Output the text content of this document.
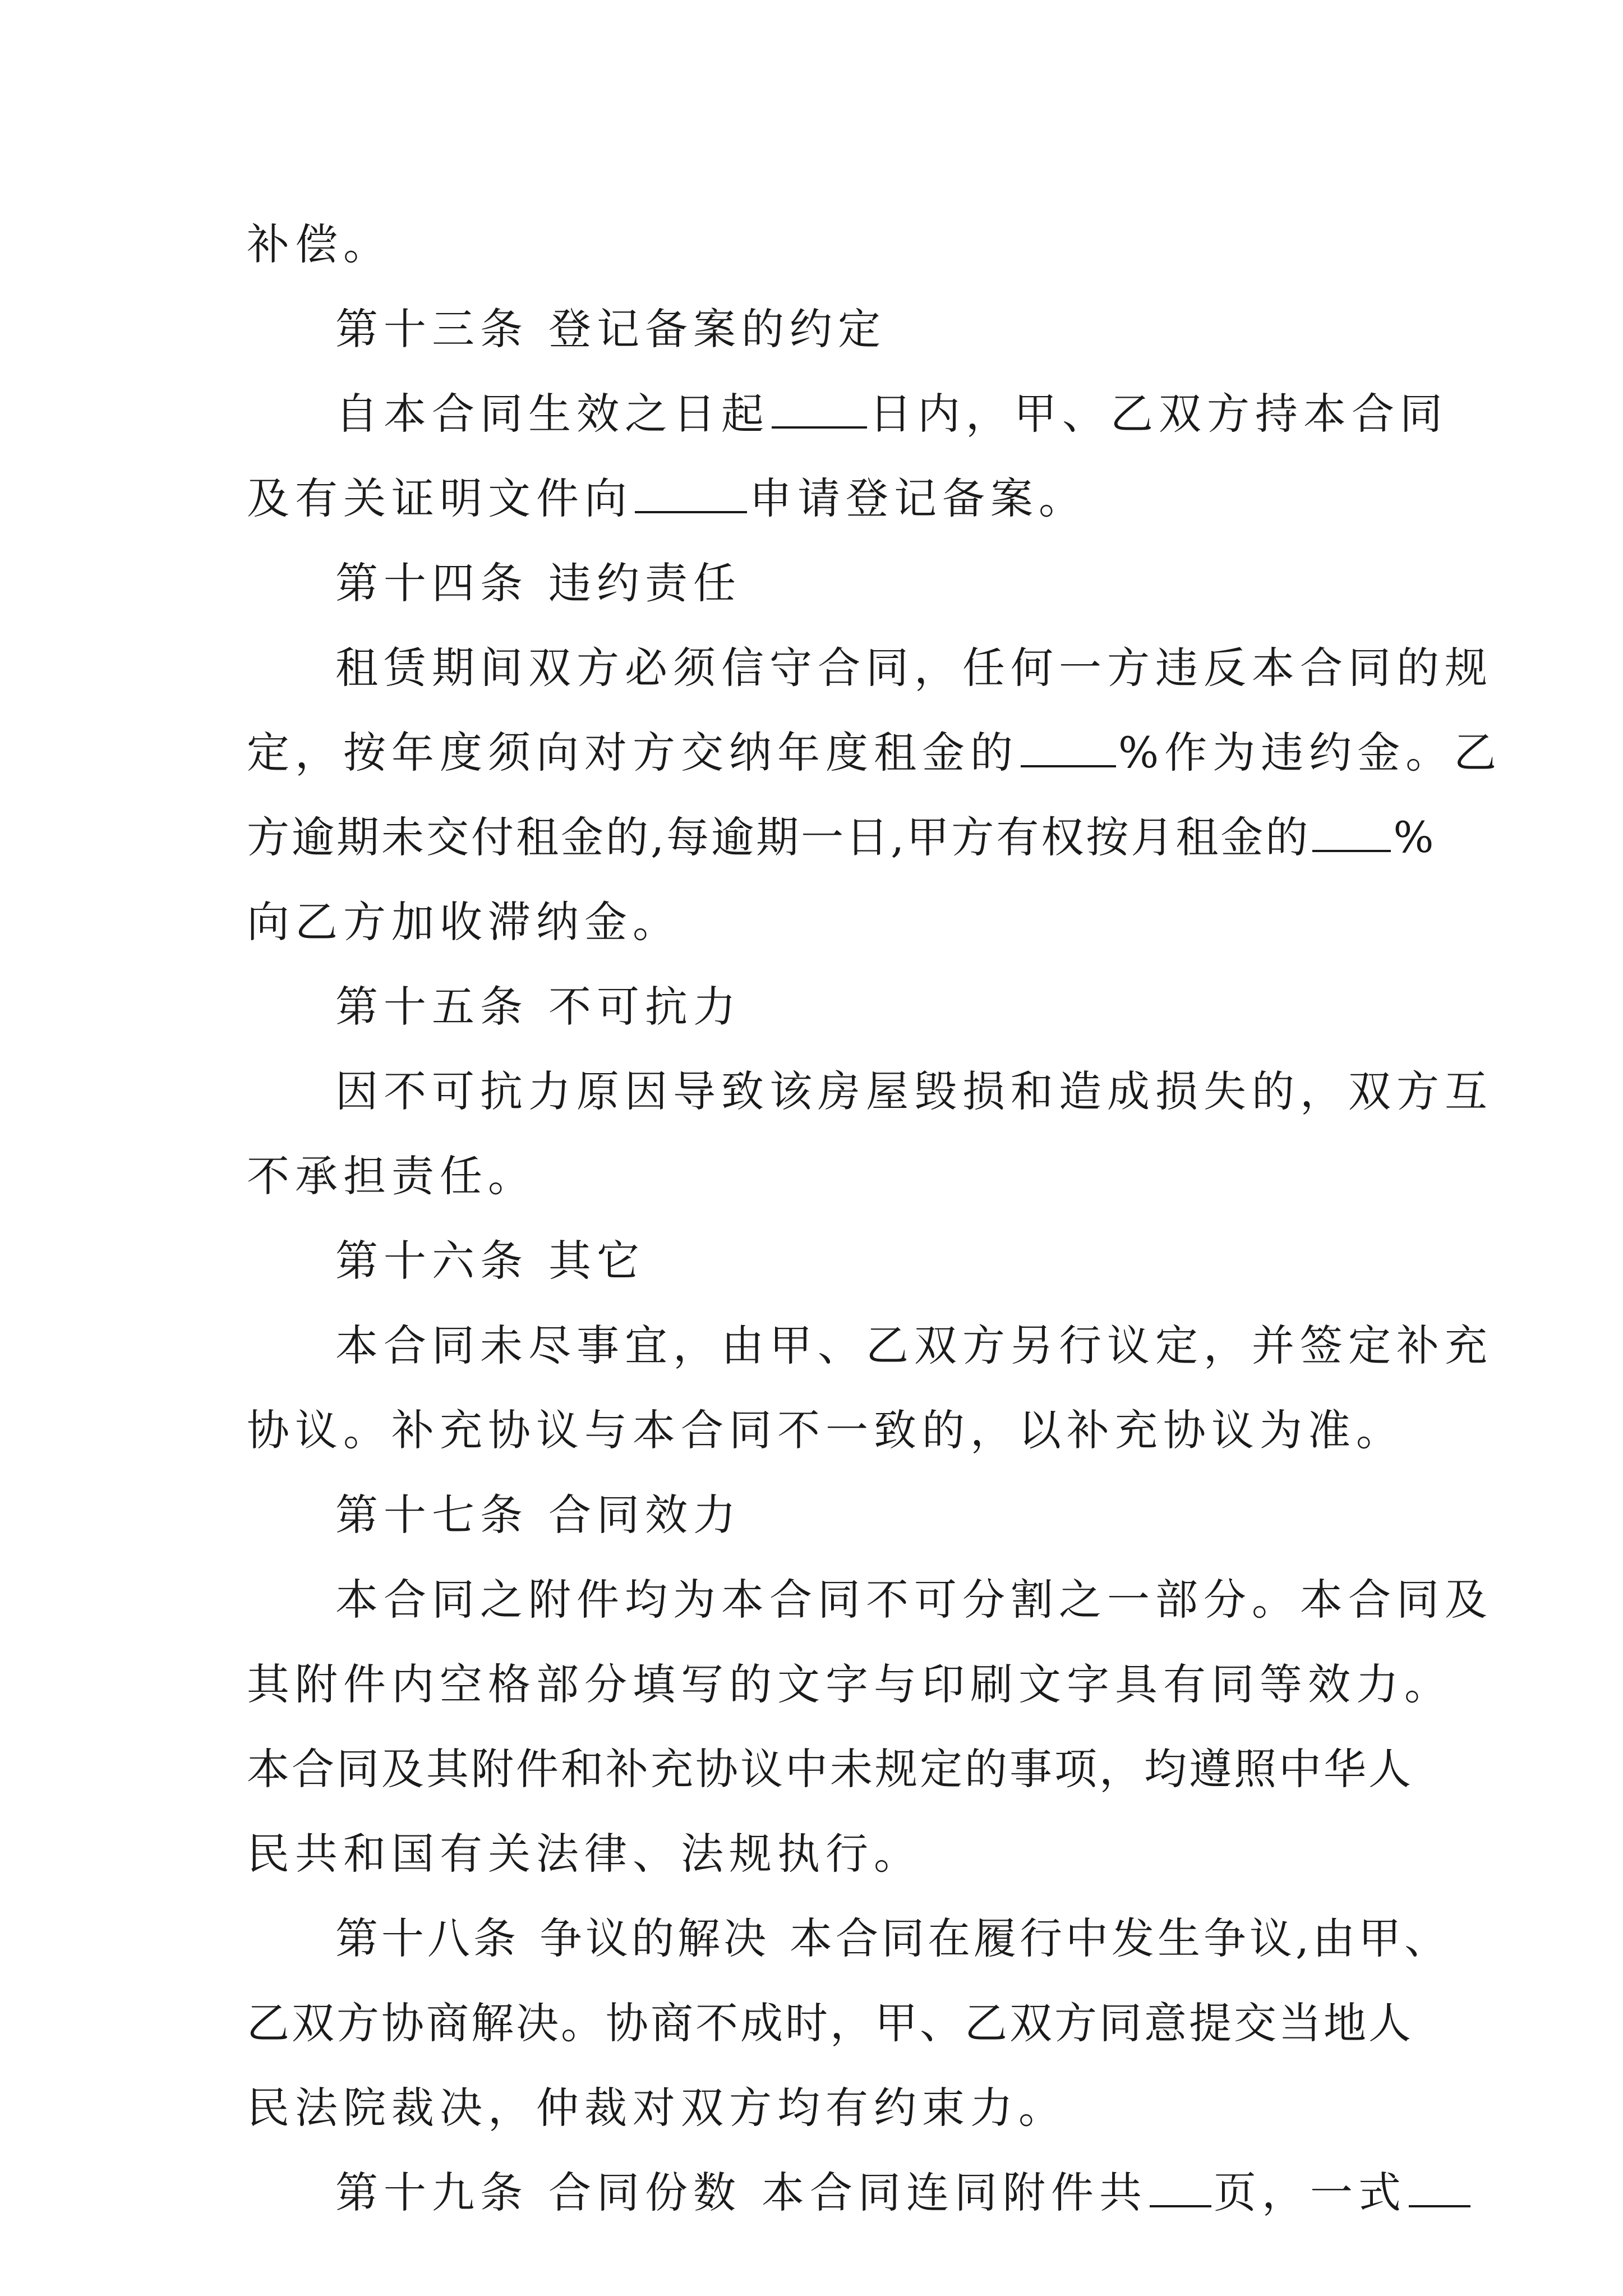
补偿。
第十三条 登记备案的约定
自本合同生效之日起 日内，甲、乙双方持本合同
及有关证明文件向	申请登记备案。
第十四条 违约责任
租赁期间双方必须信守合同，任何一方违反本合同的规
定，按年度须向对方交纳年度租金的 %作为违约金。乙
方逾期未交付租金的,每逾期一日,甲方有权按月租金的 %
向乙方加收滞纳金。
第十五条 不可抗力
因不可抗力原因导致该房屋毁损和造成损失的，双方互
不承担责任。
第十六条 其它
本合同未尽事宜，由甲、乙双方另行议定，并签定补充
协议。补充协议与本合同不一致的，以补充协议为准。
第十七条 合同效力
本合同之附件均为本合同不可分割之一部分。本合同及
其附件内空格部分填写的文字与印刷文字具有同等效力。
本合同及其附件和补充协议中未规定的事项，均遵照中华人
民共和国有关法律、法规执行。
第十八条 争议的解决 本合同在履行中发生争议,由甲、
乙双方协商解决。协商不成时，甲、乙双方同意提交当地人
民法院裁决，仲裁对双方均有约束力。
第十九条 合同份数 本合同连同附件共 页，一式
